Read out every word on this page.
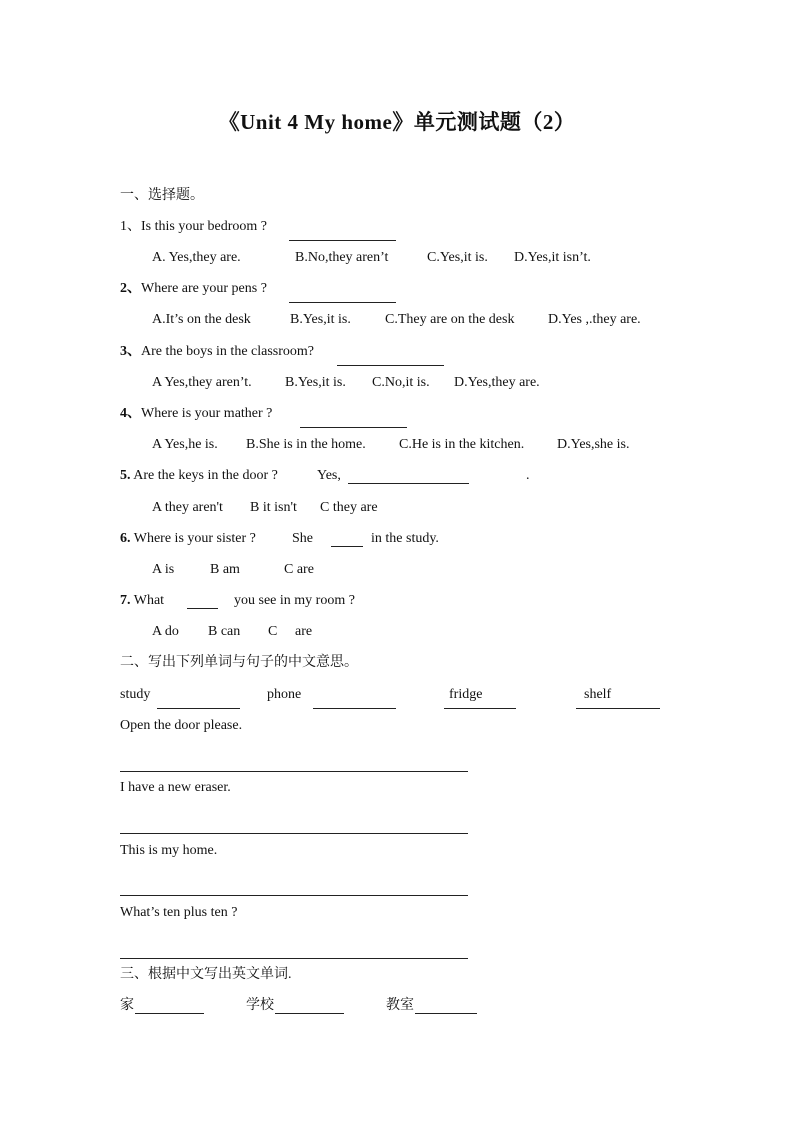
《Unit 4 My home》单元测试题（2）
一、选择题。
1、Is this your bedroom ?
A. Yes,they are.	B.No,they aren’t	C.Yes,it is. D.Yes,it isn’t.
2、Where are your pens ?
A.It’s on the desk	B.Yes,it is. C.They are on the desk D.Yes ,.they are.
3、Are the boys in the classroom?
A Yes,they aren’t. B.Yes,it is. C.No,it is. D.Yes,they are.
4、Where is your mather ?
A Yes,he is. B.She is in the home. C.He is in the kitchen. D.Yes,she is.
5. Are the keys in the door ?	Yes,	.
A they aren't B it isn't C they are
6. Where is your sister ?	She	in the study.
A is	B am	C are
7. What	you see in my room ?
A do B can C are
二、写出下列单词与句子的中文意思。
study	phone	fridge	shelf
Open the door please.
I have a new eraser.
This is my home.
What’s ten plus ten ?
三、根据中文写出英文单词.
家	学校	教室
